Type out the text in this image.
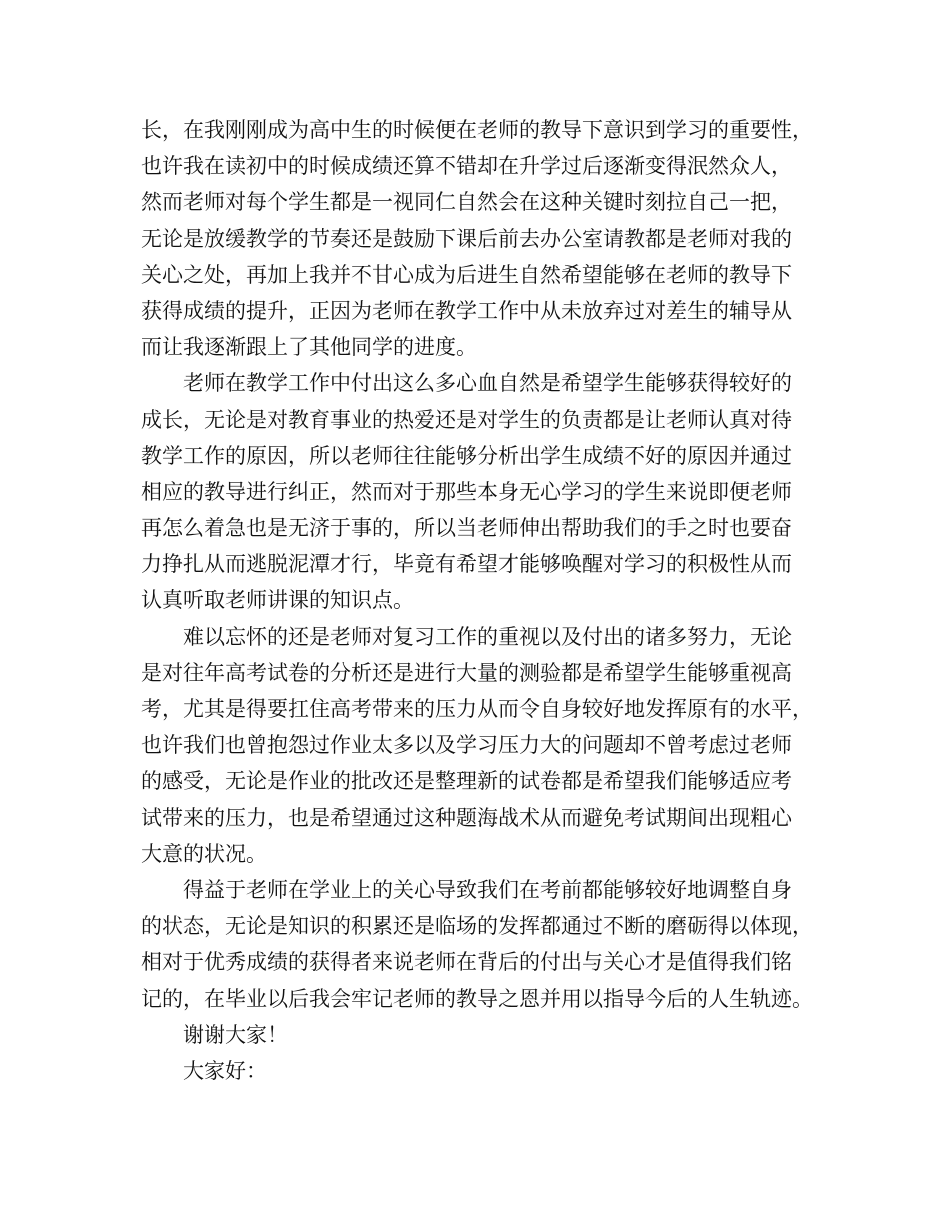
长，在我刚刚成为高中生的时候便在老师的教导下意识到学习的重要性，
也许我在读初中的时候成绩还算不错却在升学过后逐渐变得泯然众人，
然而老师对每个学生都是一视同仁自然会在这种关键时刻拉自己一把，
无论是放缓教学的节奏还是鼓励下课后前去办公室请教都是老师对我的
关心之处，再加上我并不甘心成为后进生自然希望能够在老师的教导下
获得成绩的提升，正因为老师在教学工作中从未放弃过对差生的辅导从
而让我逐渐跟上了其他同学的进度。
老师在教学工作中付出这么多心血自然是希望学生能够获得较好的
成长，无论是对教育事业的热爱还是对学生的负责都是让老师认真对待
教学工作的原因，所以老师往往能够分析出学生成绩不好的原因并通过
相应的教导进行纠正，然而对于那些本身无心学习的学生来说即便老师
再怎么着急也是无济于事的，所以当老师伸出帮助我们的手之时也要奋
力挣扎从而逃脱泥潭才行，毕竟有希望才能够唤醒对学习的积极性从而
认真听取老师讲课的知识点。
难以忘怀的还是老师对复习工作的重视以及付出的诸多努力，无论
是对往年高考试卷的分析还是进行大量的测验都是希望学生能够重视高
考，尤其是得要扛住高考带来的压力从而令自身较好地发挥原有的水平，
也许我们也曾抱怨过作业太多以及学习压力大的问题却不曾考虑过老师
的感受，无论是作业的批改还是整理新的试卷都是希望我们能够适应考
试带来的压力，也是希望通过这种题海战术从而避免考试期间出现粗心
大意的状况。
得益于老师在学业上的关心导致我们在考前都能够较好地调整自身
的状态，无论是知识的积累还是临场的发挥都通过不断的磨砺得以体现，
相对于优秀成绩的获得者来说老师在背后的付出与关心才是值得我们铭
记的，在毕业以后我会牢记老师的教导之恩并用以指导今后的人生轨迹。
谢谢大家！
大家好：
